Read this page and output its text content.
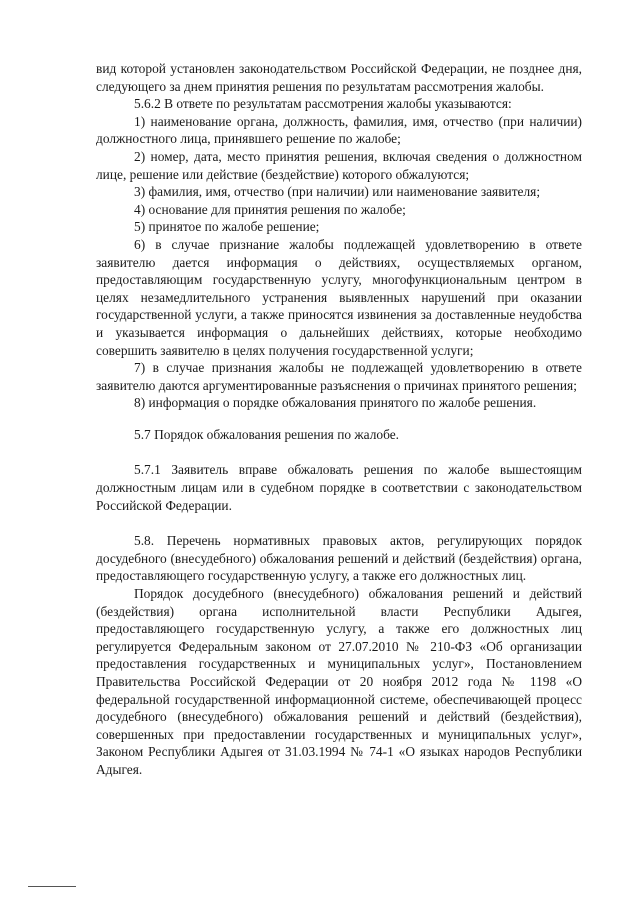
вид которой установлен законодательством Российской Федерации, не позднее дня, следующего за днем принятия решения по результатам рассмотрения жалобы.

5.6.2 В ответе по результатам рассмотрения жалобы указываются:

1) наименование органа, должность, фамилия, имя, отчество (при наличии) должностного лица, принявшего решение по жалобе;

2) номер, дата, место принятия решения, включая сведения о должностном лице, решение или действие (бездействие) которого обжалуются;

3) фамилия, имя, отчество (при наличии) или наименование заявителя;

4) основание для принятия решения по жалобе;

5) принятое по жалобе решение;

6) в случае признание жалобы подлежащей удовлетворению в ответе заявителю дается информация о действиях, осуществляемых органом, предоставляющим государственную услугу, многофункциональным центром в целях незамедлительного устранения выявленных нарушений при оказании государственной услуги, а также приносятся извинения за доставленные неудобства и указывается информация о дальнейших действиях, которые необходимо совершить заявителю в целях получения государственной услуги;

7) в случае признания жалобы не подлежащей удовлетворению в ответе заявителю даются аргументированные разъяснения о причинах принятого решения;

8) информация о порядке обжалования принятого по жалобе решения.

5.7 Порядок обжалования решения по жалобе.

5.7.1 Заявитель вправе обжаловать решения по жалобе вышестоящим должностным лицам или в судебном порядке в соответствии с законодательством Российской Федерации.

5.8. Перечень нормативных правовых актов, регулирующих порядок досудебного (внесудебного) обжалования решений и действий (бездействия) органа, предоставляющего государственную услугу, а также его должностных лиц.

Порядок досудебного (внесудебного) обжалования решений и действий (бездействия) органа исполнительной власти Республики Адыгея, предоставляющего государственную услугу, а также его должностных лиц регулируется Федеральным законом от 27.07.2010 № 210-ФЗ «Об организации предоставления государственных и муниципальных услуг», Постановлением Правительства Российской Федерации от 20 ноября 2012 года № 1198 «О федеральной государственной информационной системе, обеспечивающей процесс досудебного (внесудебного) обжалования решений и действий (бездействия), совершенных при предоставлении государственных и муниципальных услуг», Законом Республики Адыгея от 31.03.1994 № 74-1 «О языках народов Республики Адыгея.
